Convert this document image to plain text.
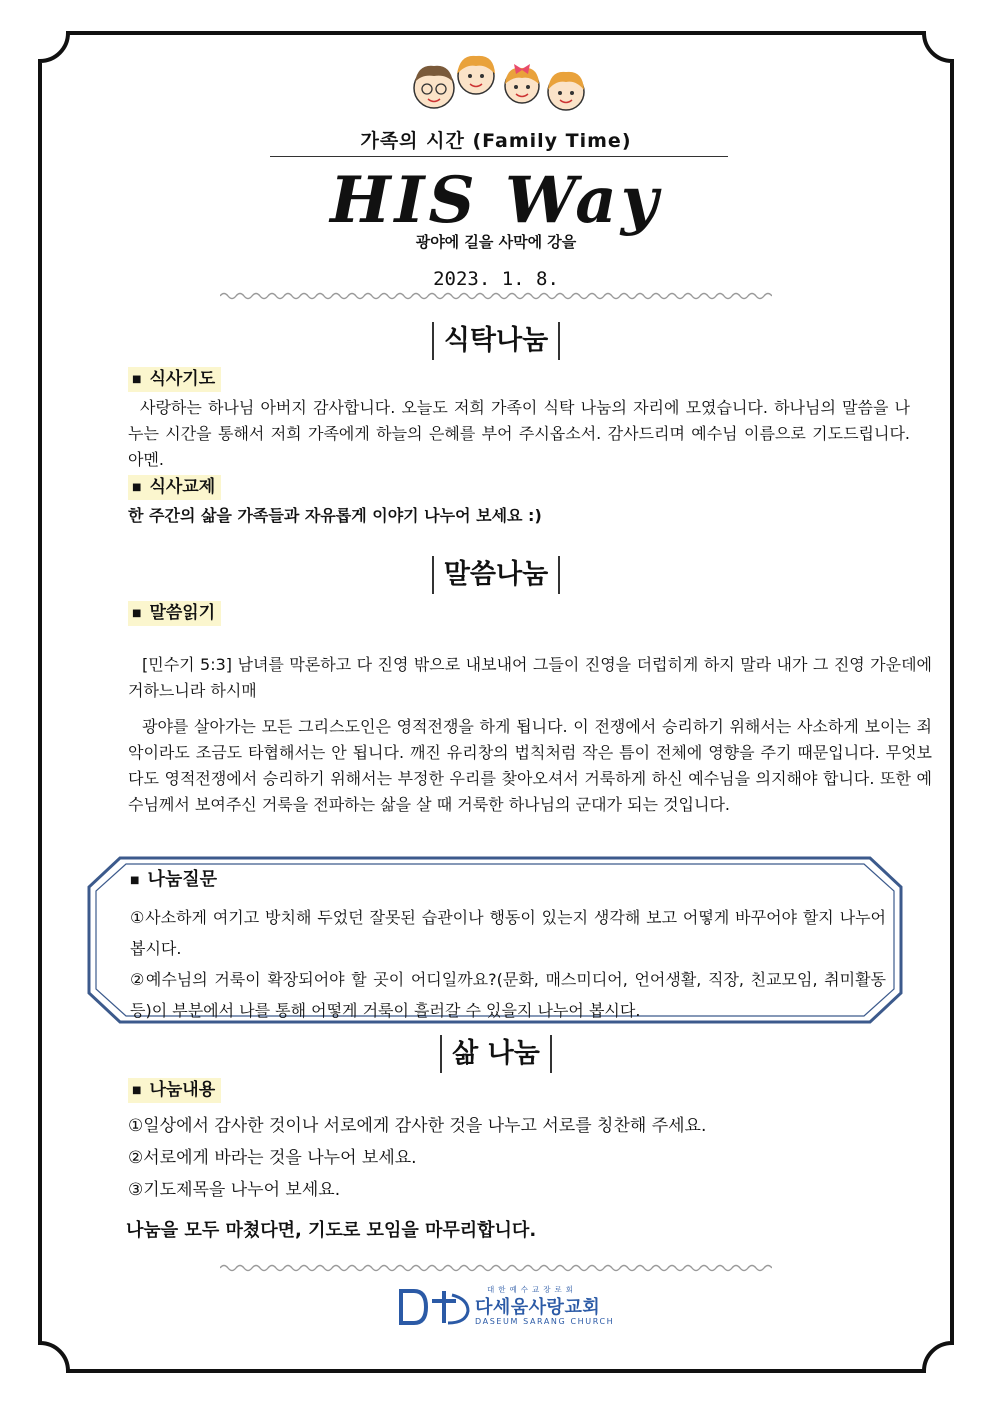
가족의 시간 (Family Time)
HIS Way
광야에 길을 사막에 강을
2023. 1. 8.
식탁나눔
■ 식사기도
사랑하는 하나님 아버지 감사합니다. 오늘도 저희 가족이 식탁 나눔의 자리에 모였습니다. 하나님의 말씀을 나누는 시간을 통해서 저희 가족에게 하늘의 은혜를 부어 주시옵소서. 감사드리며 예수님 이름으로 기도드립니다. 아멘.
■ 식사교제
한 주간의 삶을 가족들과 자유롭게 이야기 나누어 보세요 :)
말씀나눔
■ 말씀읽기
[민수기 5:3] 남녀를 막론하고 다 진영 밖으로 내보내어 그들이 진영을 더럽히게 하지 말라 내가 그 진영 가운데에 거하느니라 하시매
광야를 살아가는 모든 그리스도인은 영적전쟁을 하게 됩니다. 이 전쟁에서 승리하기 위해서는 사소하게 보이는 죄악이라도 조금도 타협해서는 안 됩니다. 깨진 유리창의 법칙처럼 작은 틈이 전체에 영향을 주기 때문입니다. 무엇보다도 영적전쟁에서 승리하기 위해서는 부정한 우리를 찾아오셔서 거룩하게 하신 예수님을 의지해야 합니다. 또한 예수님께서 보여주신 거룩을 전파하는 삶을 살 때 거룩한 하나님의 군대가 되는 것입니다.
■ 나눔질문
①사소하게 여기고 방치해 두었던 잘못된 습관이나 행동이 있는지 생각해 보고 어떻게 바꾸어야 할지 나누어 봅시다.
②예수님의 거룩이 확장되어야 할 곳이 어디일까요?(문화, 매스미디어, 언어생활, 직장, 친교모임, 취미활동 등)이 부분에서 나를 통해 어떻게 거룩이 흘러갈 수 있을지 나누어 봅시다.
삶 나눔
■ 나눔내용
①일상에서 감사한 것이나 서로에게 감사한 것을 나누고 서로를 칭찬해 주세요.
②서로에게 바라는 것을 나누어 보세요.
③기도제목을 나누어 보세요.
나눔을 모두 마쳤다면, 기도로 모임을 마무리합니다.
대한예수교장로회
다세움사랑교회
DASEUM SARANG CHURCH
